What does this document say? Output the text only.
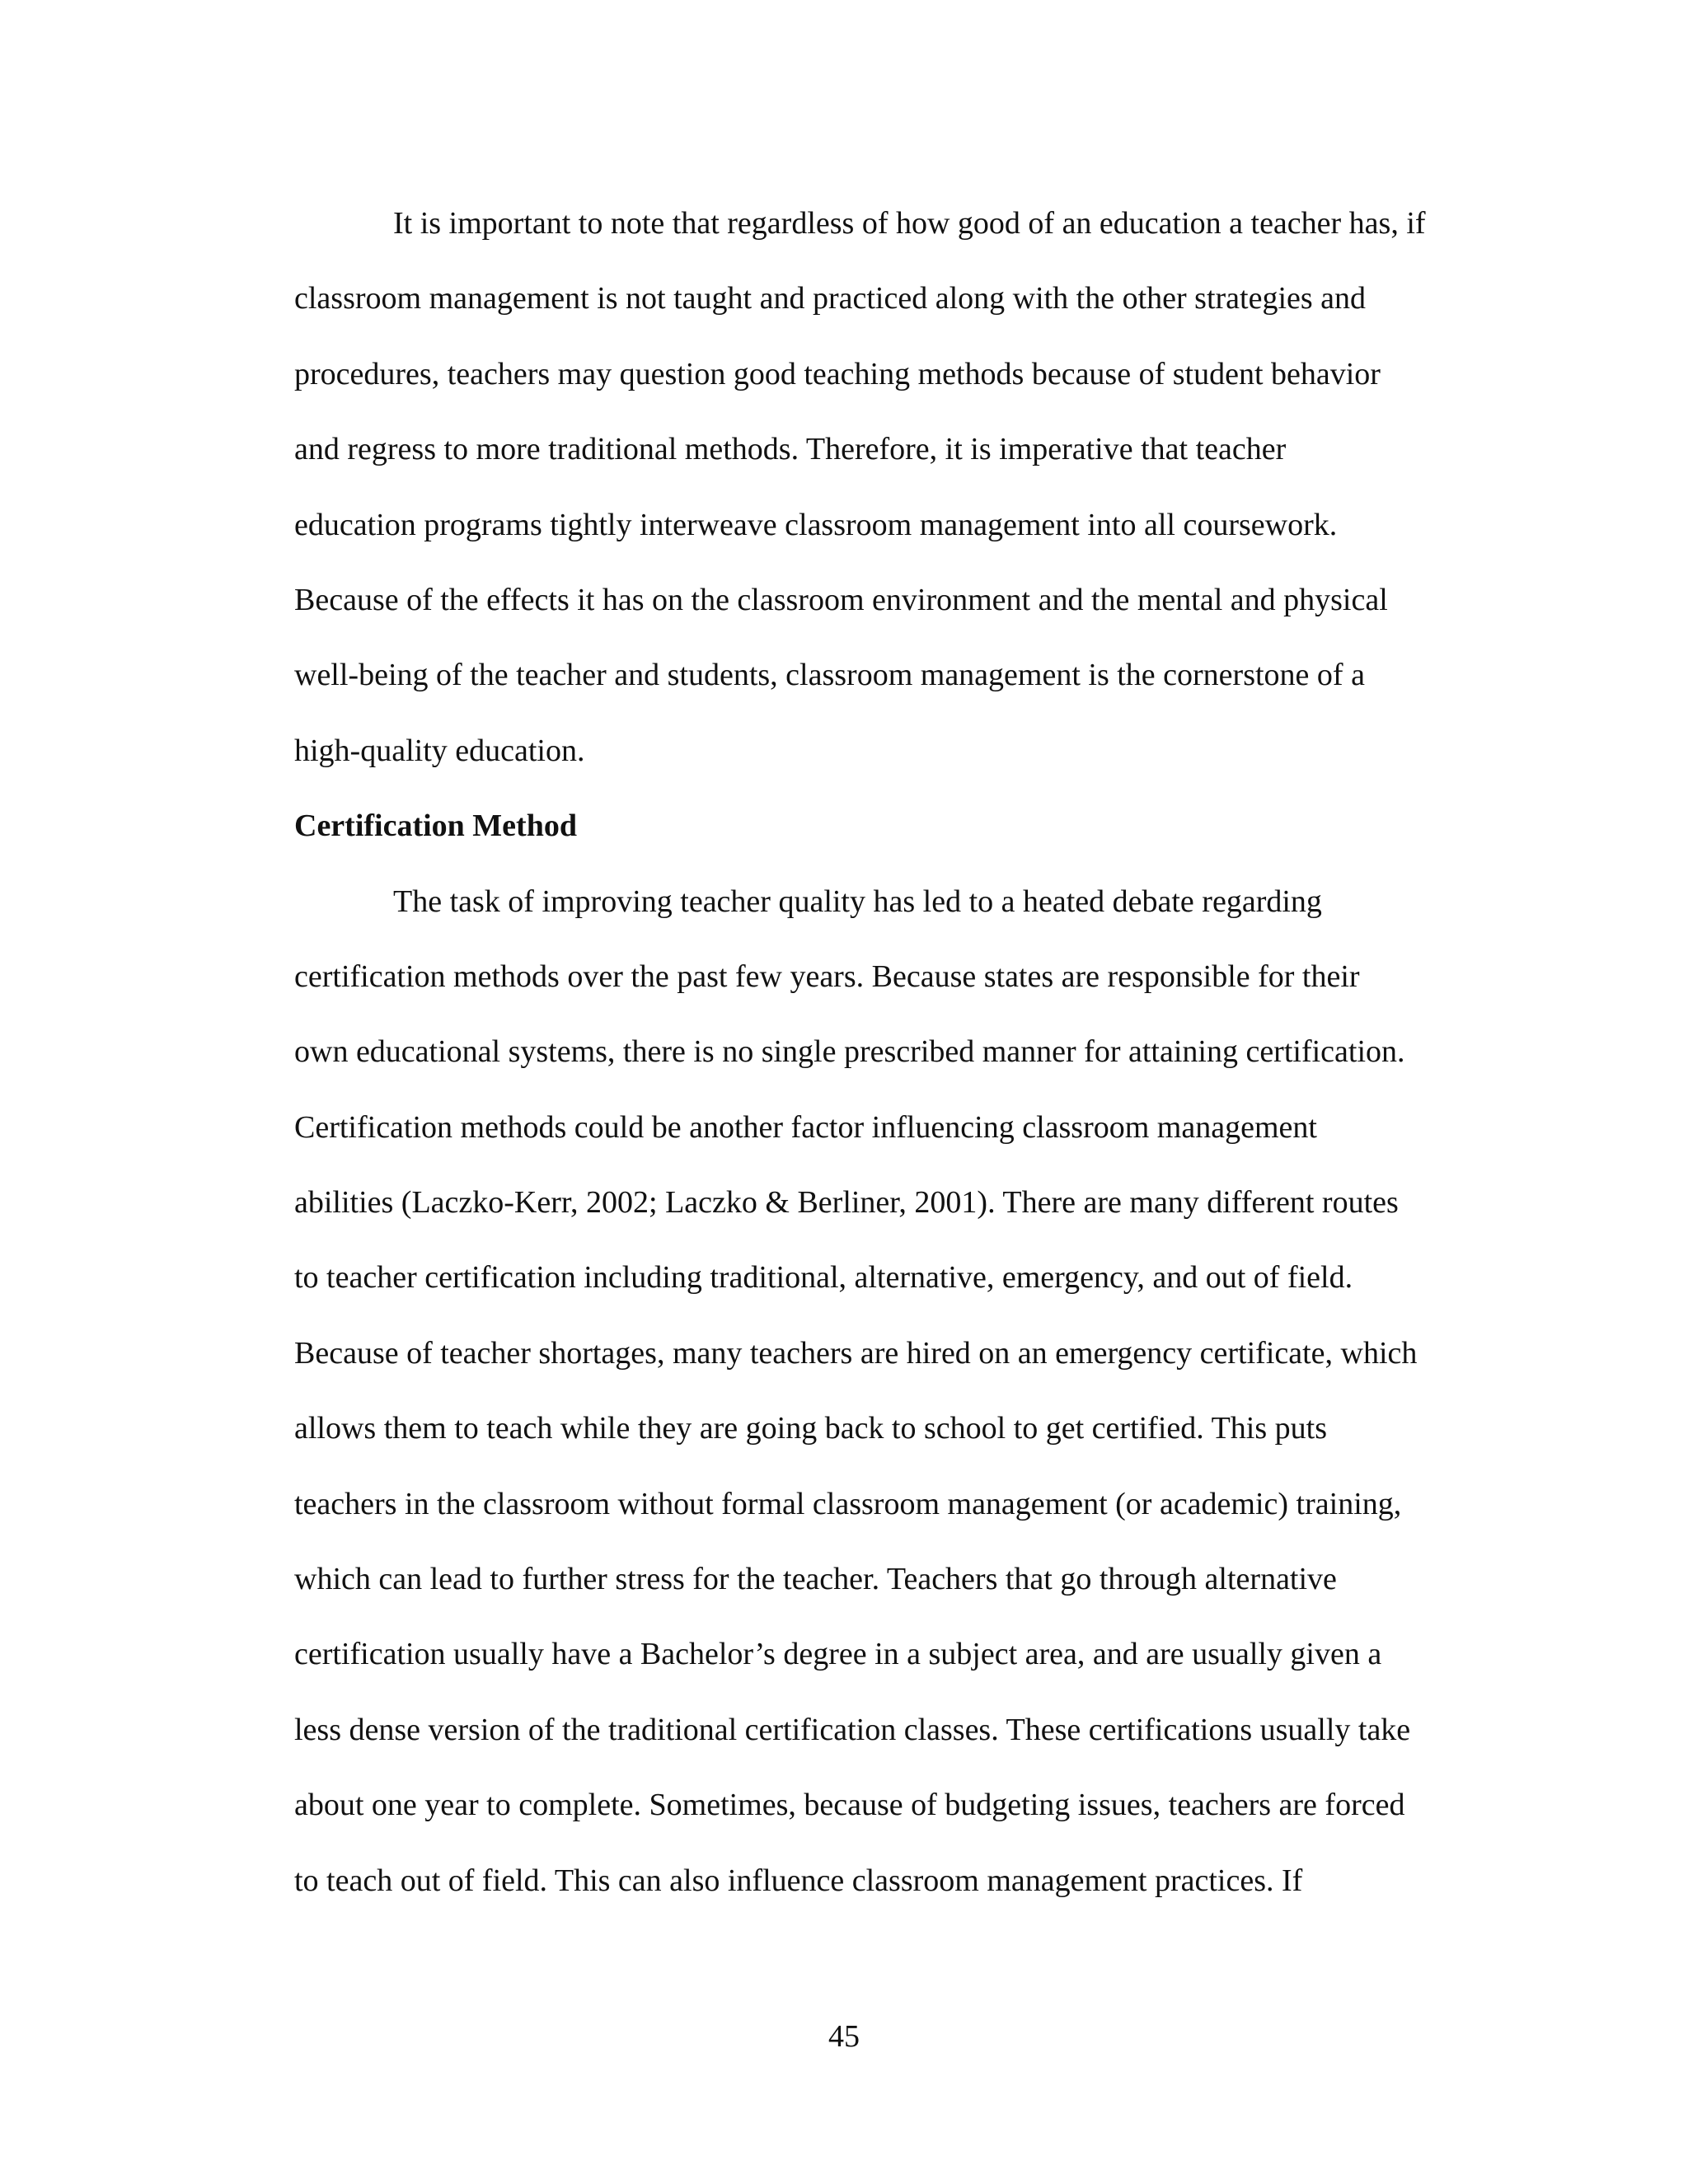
It is important to note that regardless of how good of an education a teacher has, if
classroom management is not taught and practiced along with the other strategies and
procedures, teachers may question good teaching methods because of student behavior
and regress to more traditional methods. Therefore, it is imperative that teacher
education programs tightly interweave classroom management into all coursework.
Because of the effects it has on the classroom environment and the mental and physical
well-being of the teacher and students, classroom management is the cornerstone of a
high-quality education.
Certification Method
The task of improving teacher quality has led to a heated debate regarding
certification methods over the past few years. Because states are responsible for their
own educational systems, there is no single prescribed manner for attaining certification.
Certification methods could be another factor influencing classroom management
abilities (Laczko-Kerr, 2002; Laczko & Berliner, 2001). There are many different routes
to teacher certification including traditional, alternative, emergency, and out of field.
Because of teacher shortages, many teachers are hired on an emergency certificate, which
allows them to teach while they are going back to school to get certified. This puts
teachers in the classroom without formal classroom management (or academic) training,
which can lead to further stress for the teacher. Teachers that go through alternative
certification usually have a Bachelor’s degree in a subject area, and are usually given a
less dense version of the traditional certification classes. These certifications usually take
about one year to complete. Sometimes, because of budgeting issues, teachers are forced
to teach out of field. This can also influence classroom management practices. If
45
